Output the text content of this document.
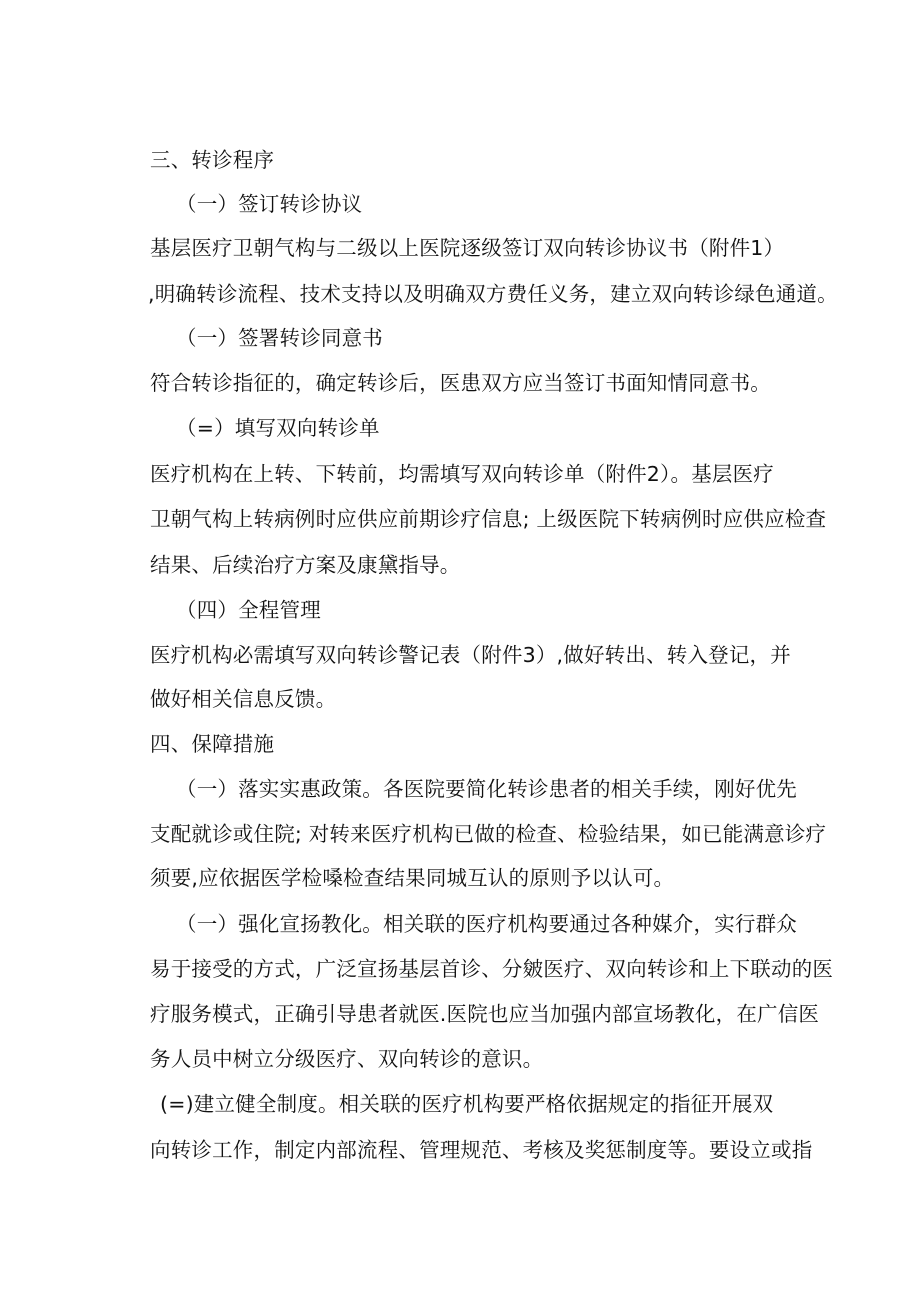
三、转诊程序
（一）签订转诊协议
基层医疗卫朝气构与二级以上医院逐级签订双向转诊协议书（附件1）
,明确转诊流程、技术支持以及明确双方费任义务，建立双向转诊绿色通道。
（一）签署转诊同意书
符合转诊指征的，确定转诊后，医患双方应当签订书面知情同意书。
（=）填写双向转诊单
医疗机构在上转、下转前，均需填写双向转诊单（附件2）。基层医疗
卫朝气构上转病例时应供应前期诊疗信息; 上级医院下转病例时应供应检查
结果、后续治疗方案及康黛指导。
（四）全程管理
医疗机构必需填写双向转诊警记表（附件3）,做好转出、转入登记，并
做好相关信息反馈。
四、保障措施
（一）落实实惠政策。各医院要简化转诊患者的相关手续，刚好优先
支配就诊或住院; 对转来医疗机构已做的检查、检验结果，如已能满意诊疗
须要,应依据医学检嗓检查结果同城互认的原则予以认可。
（一）强化宣扬教化。相关联的医疗机构要通过各种媒介，实行群众
易于接受的方式，广泛宣扬基层首诊、分皴医疗、双向转诊和上下联动的医
疗服务模式，正确引导患者就医.医院也应当加强内部宣场教化，在广信医
务人员中树立分级医疗、双向转诊的意识。
(=)建立健全制度。相关联的医疗机构要严格依据规定的指征开展双
向转诊工作，制定内部流程、管理规范、考核及奖惩制度等。要设立或指
